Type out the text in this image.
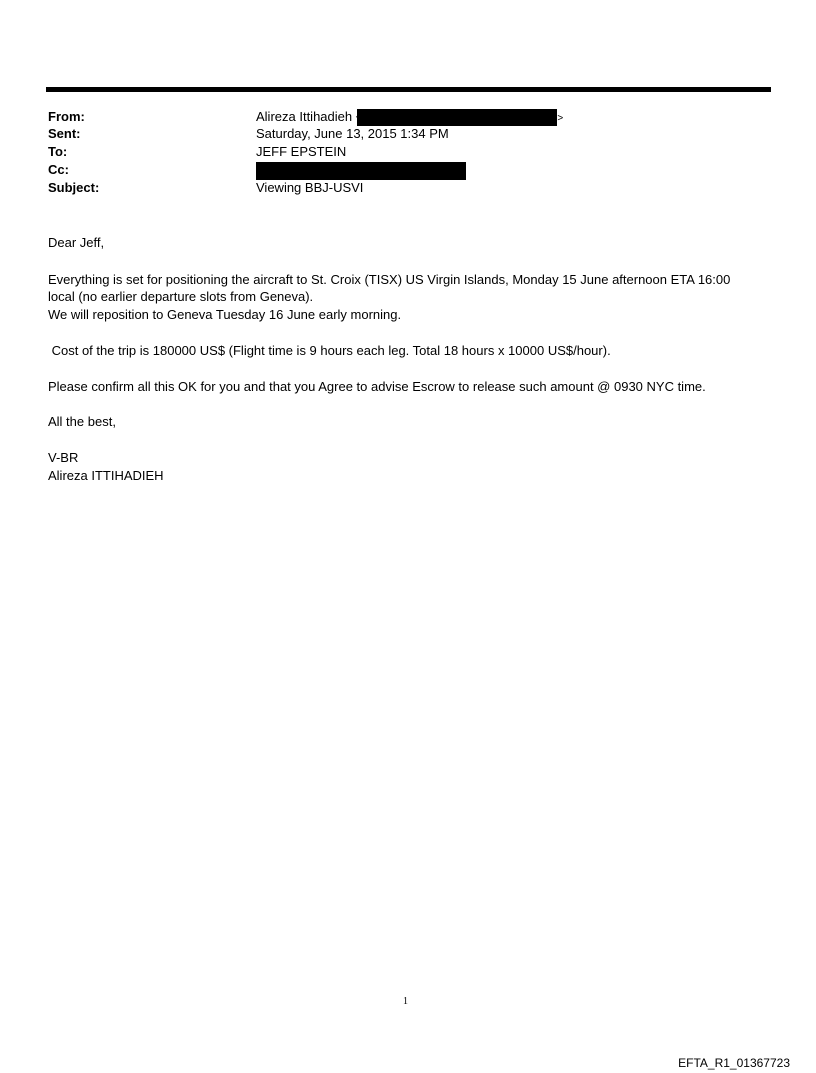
From:	Alireza Ittihadieh	>
Sent:	Saturday, June 13, 2015 1:34 PM
To:	JEFF EPSTEIN
Cc:
Subject:	Viewing BBJ-USVI
Dear Jeff,
Everything is set for positioning the aircraft to St. Croix (TISX) US Virgin Islands, Monday 15 June afternoon ETA 16:00
local (no earlier departure slots from Geneva).
We will reposition to Geneva Tuesday 16 June early morning.
Cost of the trip is 180000 US$ (Flight time is 9 hours each leg. Total 18 hours x 10000 US$/hour).
Please confirm all this OK for you and that you Agree to advise Escrow to release such amount @ 0930 NYC time.
All the best,
V-BR
Alireza ITTIHADIEH
1
EFTA_R1_01367723
